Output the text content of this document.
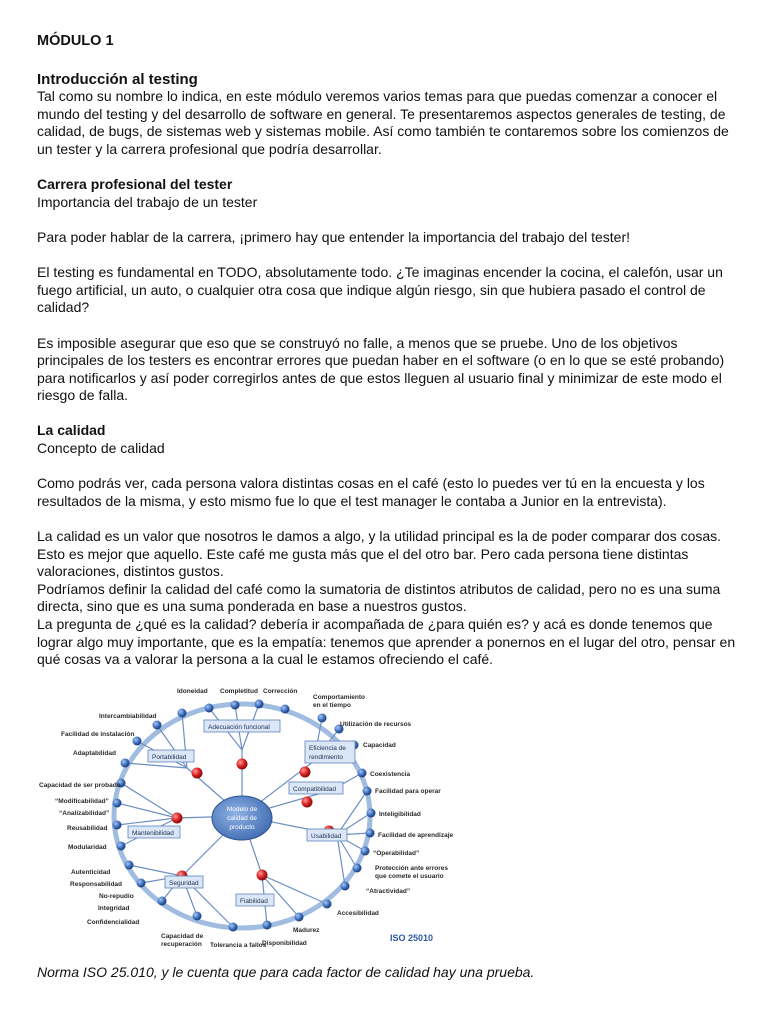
MÓDULO 1
Introducción al testing

Tal como su nombre lo indica, en este módulo veremos varios temas para que puedas comenzar a conocer el mundo del testing y del desarrollo de software en general. Te presentaremos aspectos generales de testing, de calidad, de bugs, de sistemas web y sistemas mobile. Así como también te contaremos sobre los comienzos de un tester y la carrera profesional que podría desarrollar.

Carrera profesional del tester

Importancia del trabajo de un tester

Para poder hablar de la carrera, ¡primero hay que entender la importancia del trabajo del tester!

El testing es fundamental en TODO, absolutamente todo. ¿Te imaginas encender la cocina, el calefón, usar un fuego artificial, un auto, o cualquier otra cosa que indique algún riesgo, sin que hubiera pasado el control de calidad?

Es imposible asegurar que eso que se construyó no falle, a menos que se pruebe. Uno de los objetivos principales de los testers es encontrar errores que puedan haber en el software (o en lo que se esté probando) para notificarlos y así poder corregirlos antes de que estos lleguen al usuario final y minimizar de este modo el riesgo de falla.

La calidad

Concepto de calidad

Como podrás ver, cada persona valora distintas cosas en el café (esto lo puedes ver tú en la encuesta y los resultados de la misma, y esto mismo fue lo que el test manager le contaba a Junior en la entrevista).

La calidad es un valor que nosotros le damos a algo, y la utilidad principal es la de poder comparar dos cosas. Esto es mejor que aquello. Este café me gusta más que el del otro bar. Pero cada persona tiene distintas valoraciones, distintos gustos.

Podríamos definir la calidad del café como la sumatoria de distintos atributos de calidad, pero no es una suma directa, sino que es una suma ponderada en base a nuestros gustos.

La pregunta de ¿qué es la calidad? debería ir acompañada de ¿para quién es? y acá es donde tenemos que lograr algo muy importante, que es la empatía: tenemos que aprender a ponernos en el lugar del otro, pensar en qué cosas va a valorar la persona a la cual le estamos ofreciendo el café.

Adecuación funcional
Eficiencia de
rendimiento
Compatibilidad
Usabilidad
Fiabilidad
Seguridad
Mantenibilidad
Portabilidad
Modelo de
calidad de
producto
Idoneidad Completitud Corrección
Comportamiento
en el tiempo
Utilización de recursos
Capacidad
Coexistencia
Facilidad para operar
Inteligibilidad
Facilidad de aprendizaje
“Operabilidad”
Protección ante errores
que comete el usuario
“Atractividad”
Accesibilidad
Madurez
Disponibilidad
Tolerancia a fallos
Capacidad de
recuperación
Confidencialidad
Integridad
No-repudio
Responsabilidad
Autenticidad
Modularidad
Reusabilidad
“Analizabilidad”
“Modificabilidad”
Capacidad de ser probado
Adaptabilidad
Facilidad de instalación
Intercambiabilidad
ISO 25010
Norma ISO 25.010, y le cuenta que para cada factor de calidad hay una prueba.
